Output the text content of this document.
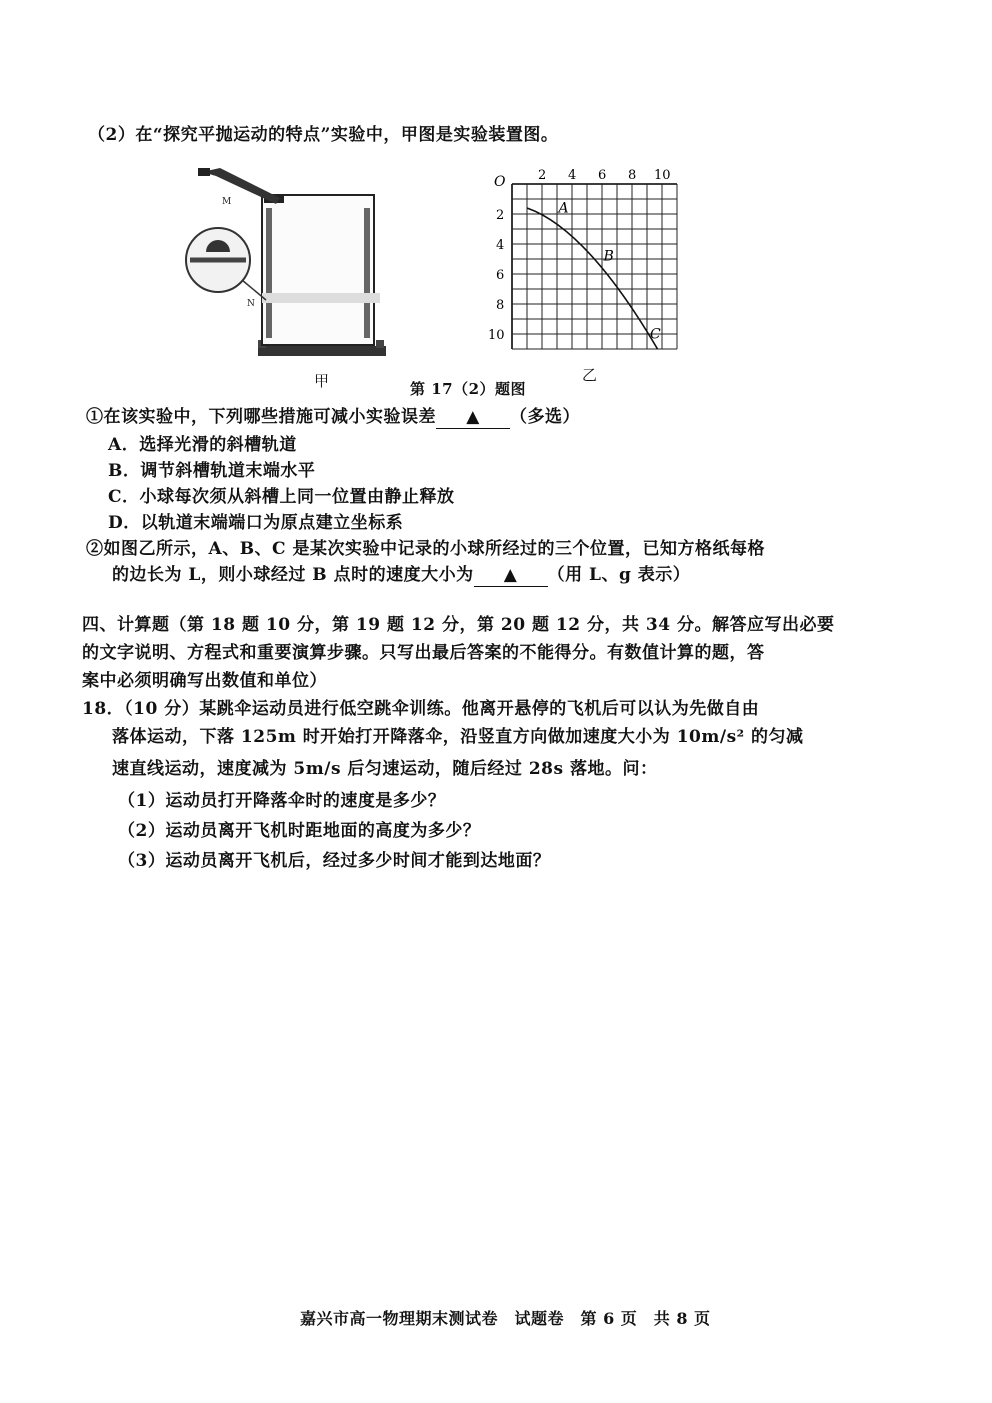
（2）在“探究平抛运动的特点”实验中，甲图是实验装置图。
M
N
甲
O	2 4 6 8 10
2
4
6
8
10
A
B
C
乙
第 17（2）题图
①在该实验中，下列哪些措施可减小实验误差 ▲ （多选）
A．选择光滑的斜槽轨道
B．调节斜槽轨道末端水平
C．小球每次须从斜槽上同一位置由静止释放
D．以轨道末端端口为原点建立坐标系
②如图乙所示，A、B、C 是某次实验中记录的小球所经过的三个位置，已知方格纸每格
的边长为 L，则小球经过 B 点时的速度大小为 ▲ （用 L、g 表示）
四、计算题（第 18 题 10 分，第 19 题 12 分，第 20 题 12 分，共 34 分。解答应写出必要
的文字说明、方程式和重要演算步骤。只写出最后答案的不能得分。有数值计算的题，答
案中必须明确写出数值和单位）
18．（10 分）某跳伞运动员进行低空跳伞训练。他离开悬停的飞机后可以认为先做自由
落体运动，下落 125m 时开始打开降落伞，沿竖直方向做加速度大小为 10m/s² 的匀减
速直线运动，速度减为 5m/s 后匀速运动，随后经过 28s 落地。问：
（1）运动员打开降落伞时的速度是多少？
（2）运动员离开飞机时距地面的高度为多少？
（3）运动员离开飞机后，经过多少时间才能到达地面？
嘉兴市高一物理期末测试卷　试题卷　第 6 页　共 8 页
